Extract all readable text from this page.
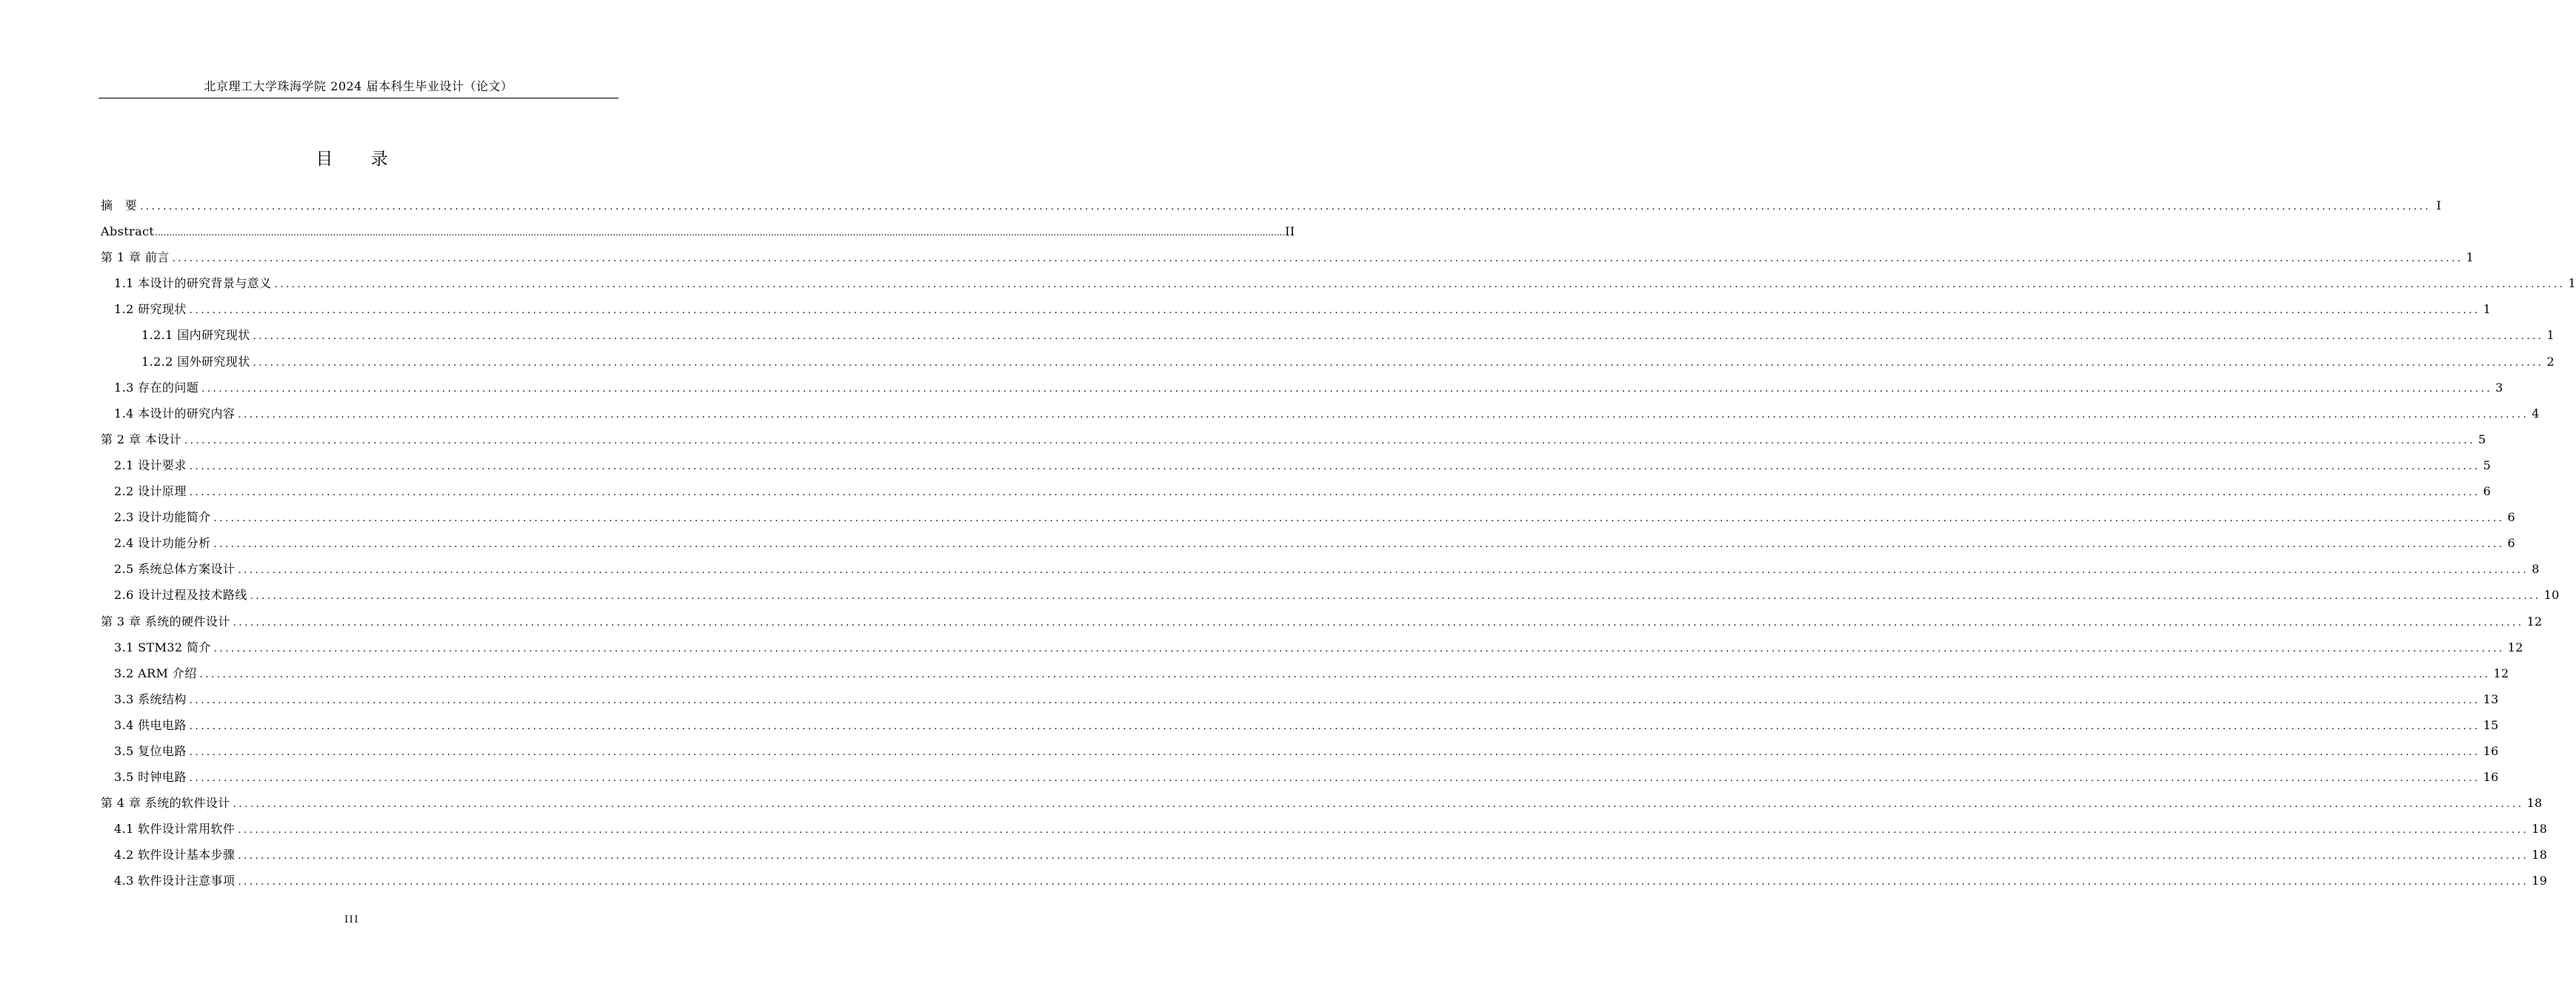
北京理工大学珠海学院 2024 届本科生毕业设计（论文）
目 录
摘　要 ................................................................................................................................................................................................................................................................................................................................................................................................................ I
Abstract ................................................................................................................................................................................................................................................................................................................................................................................................................ II
第 1 章 前言 ................................................................................................................................................................................................................................................................................................................................................................................................................ 1
1.1 本设计的研究背景与意义 ................................................................................................................................................................................................................................................................................................................................................................................................................ 1
1.2 研究现状 ................................................................................................................................................................................................................................................................................................................................................................................................................ 1
1.2.1 国内研究现状 ................................................................................................................................................................................................................................................................................................................................................................................................................ 1
1.2.2 国外研究现状 ................................................................................................................................................................................................................................................................................................................................................................................................................ 2
1.3 存在的问题 ................................................................................................................................................................................................................................................................................................................................................................................................................ 3
1.4 本设计的研究内容 ................................................................................................................................................................................................................................................................................................................................................................................................................ 4
第 2 章 本设计 ................................................................................................................................................................................................................................................................................................................................................................................................................ 5
2.1 设计要求 ................................................................................................................................................................................................................................................................................................................................................................................................................ 5
2.2 设计原理 ................................................................................................................................................................................................................................................................................................................................................................................................................ 6
2.3 设计功能简介 ................................................................................................................................................................................................................................................................................................................................................................................................................ 6
2.4 设计功能分析 ................................................................................................................................................................................................................................................................................................................................................................................................................ 6
2.5 系统总体方案设计 ................................................................................................................................................................................................................................................................................................................................................................................................................ 8
2.6 设计过程及技术路线 ................................................................................................................................................................................................................................................................................................................................................................................................................ 10
第 3 章 系统的硬件设计 ................................................................................................................................................................................................................................................................................................................................................................................................................ 12
3.1 STM32 简介 ................................................................................................................................................................................................................................................................................................................................................................................................................ 12
3.2 ARM 介绍 ................................................................................................................................................................................................................................................................................................................................................................................................................ 12
3.3 系统结构 ................................................................................................................................................................................................................................................................................................................................................................................................................ 13
3.4 供电电路 ................................................................................................................................................................................................................................................................................................................................................................................................................ 15
3.5 复位电路 ................................................................................................................................................................................................................................................................................................................................................................................................................ 16
3.5 时钟电路 ................................................................................................................................................................................................................................................................................................................................................................................................................ 16
第 4 章 系统的软件设计 ................................................................................................................................................................................................................................................................................................................................................................................................................ 18
4.1 软件设计常用软件 ................................................................................................................................................................................................................................................................................................................................................................................................................ 18
4.2 软件设计基本步骤 ................................................................................................................................................................................................................................................................................................................................................................................................................ 18
4.3 软件设计注意事项 ................................................................................................................................................................................................................................................................................................................................................................................................................ 19
III
